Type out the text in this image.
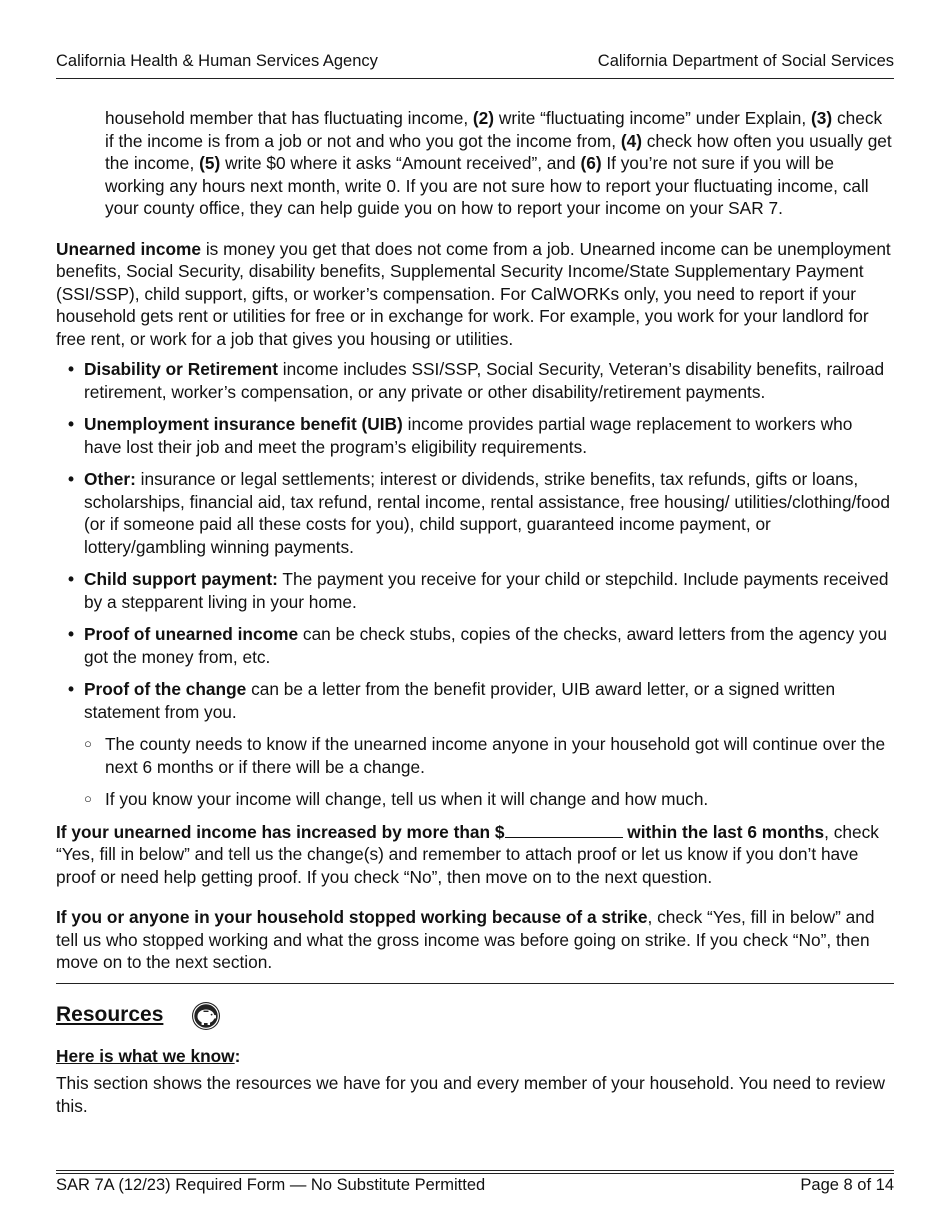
California Health & Human Services Agency	California Department of Social Services

household member that has fluctuating income, (2) write “fluctuating income” under Explain, (3) check if the income is from a job or not and who you got the income from, (4) check how often you usually get the income, (5) write $0 where it asks “Amount received”, and (6) If you’re not sure if you will be working any hours next month, write 0. If you are not sure how to report your fluctuating income, call your county office, they can help guide you on how to report your income on your SAR 7.

Unearned income is money you get that does not come from a job. Unearned income can be unemployment benefits, Social Security, disability benefits, Supplemental Security Income/State Supplementary Payment (SSI/SSP), child support, gifts, or worker’s compensation. For CalWORKs only, you need to report if your household gets rent or utilities for free or in exchange for work. For example, you work for your landlord for free rent, or work for a job that gives you housing or utilities.

• Disability or Retirement income includes SSI/SSP, Social Security, Veteran’s disability benefits, railroad retirement, worker’s compensation, or any private or other disability/retirement payments.
• Unemployment insurance benefit (UIB) income provides partial wage replacement to workers who have lost their job and meet the program’s eligibility requirements.
• Other: insurance or legal settlements; interest or dividends, strike benefits, tax refunds, gifts or loans, scholarships, financial aid, tax refund, rental income, rental assistance, free housing/ utilities/clothing/food (or if someone paid all these costs for you), child support, guaranteed income payment, or lottery/gambling winning payments.
• Child support payment: The payment you receive for your child or stepchild. Include payments received by a stepparent living in your home.
• Proof of unearned income can be check stubs, copies of the checks, award letters from the agency you got the money from, etc.
• Proof of the change can be a letter from the benefit provider, UIB award letter, or a signed written statement from you.
○ The county needs to know if the unearned income anyone in your household got will continue over the next 6 months or if there will be a change.
○ If you know your income will change, tell us when it will change and how much.

If your unearned income has increased by more than $	within the last 6 months, check “Yes, fill in below” and tell us the change(s) and remember to attach proof or let us know if you don’t have proof or need help getting proof. If you check “No”, then move on to the next question.

If you or anyone in your household stopped working because of a strike, check “Yes, fill in below” and tell us who stopped working and what the gross income was before going on strike. If you check “No”, then move on to the next section.

Resources

Here is what we know:

This section shows the resources we have for you and every member of your household. You need to review this.

SAR 7A (12/23) Required Form — No Substitute Permitted	Page 8 of 14
